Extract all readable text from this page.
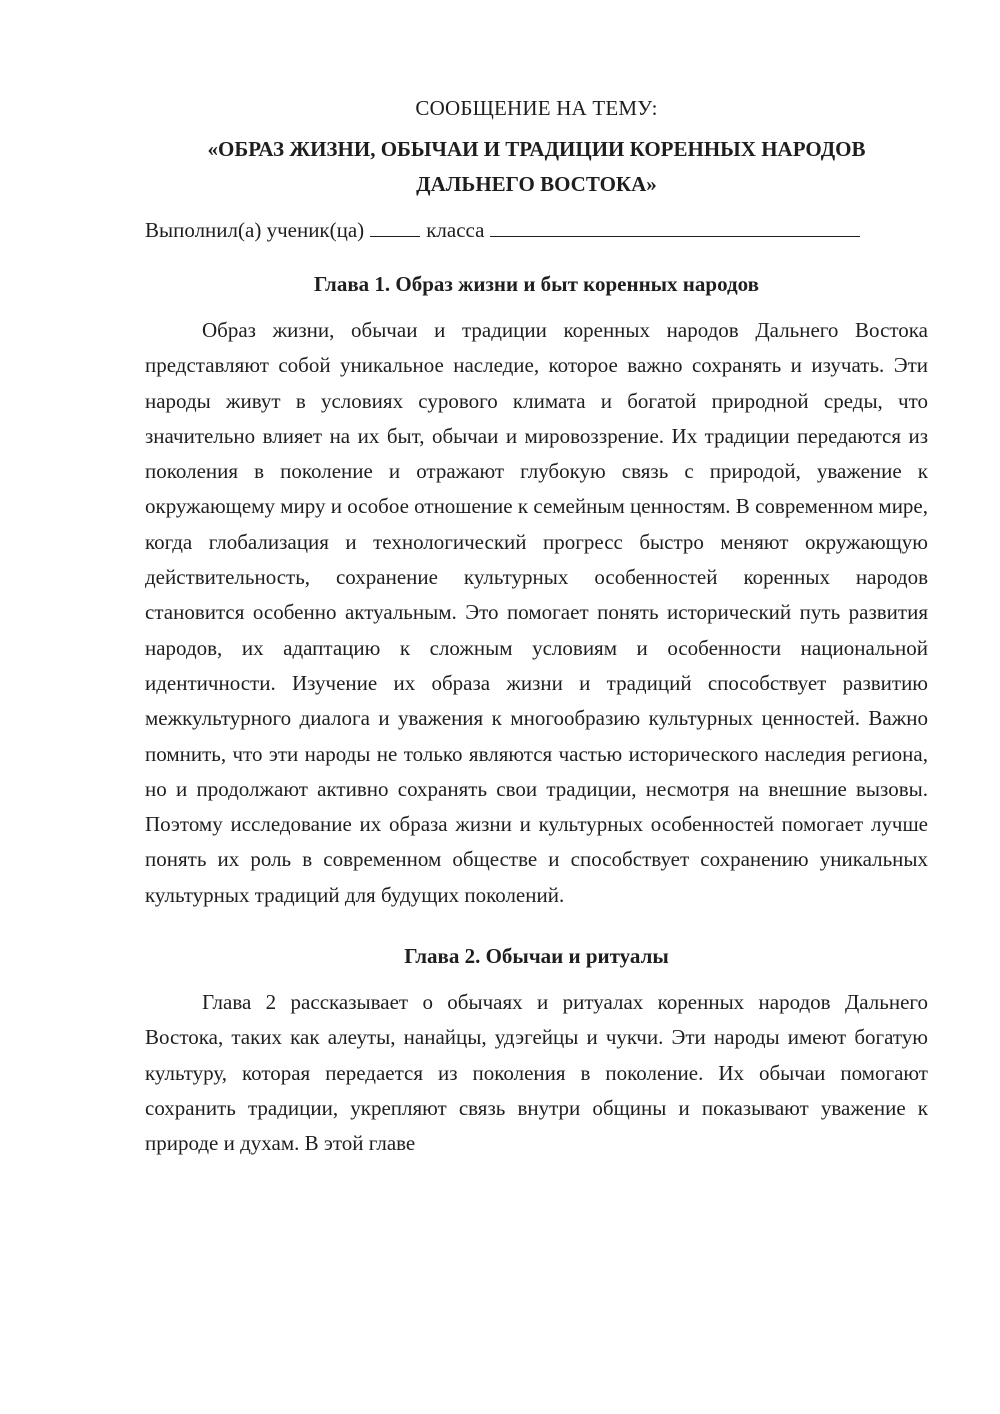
СООБЩЕНИЕ НА ТЕМУ:
«ОБРАЗ ЖИЗНИ, ОБЫЧАИ И ТРАДИЦИИ КОРЕННЫХ НАРОДОВ
ДАЛЬНЕГО ВОСТОКА»
Выполнил(а) ученик(ца)	класса
Глава 1. Образ жизни и быт коренных народов

Образ жизни, обычаи и традиции коренных народов Дальнего Востока представляют собой уникальное наследие, которое важно сохранять и изучать. Эти народы живут в условиях сурового климата и богатой природной среды, что значительно влияет на их быт, обычаи и мировоззрение. Их традиции передаются из поколения в поколение и отражают глубокую связь с природой, уважение к окружающему миру и особое отношение к семейным ценностям. В современном мире, когда глобализация и технологический прогресс быстро меняют окружающую действительность, сохранение культурных особенностей коренных народов становится особенно актуальным. Это помогает понять исторический путь развития народов, их адаптацию к сложным условиям и особенности национальной идентичности. Изучение их образа жизни и традиций способствует развитию межкультурного диалога и уважения к многообразию культурных ценностей. Важно помнить, что эти народы не только являются частью исторического наследия региона, но и продолжают активно сохранять свои традиции, несмотря на внешние вызовы. Поэтому исследование их образа жизни и культурных особенностей помогает лучше понять их роль в современном обществе и способствует сохранению уникальных культурных традиций для будущих поколений.

Глава 2. Обычаи и ритуалы

Глава 2 рассказывает о обычаях и ритуалах коренных народов Дальнего Востока, таких как алеуты, нанайцы, удэгейцы и чукчи. Эти народы имеют богатую культуру, которая передается из поколения в поколение. Их обычаи помогают сохранить традиции, укрепляют связь внутри общины и показывают уважение к природе и духам. В этой главе
